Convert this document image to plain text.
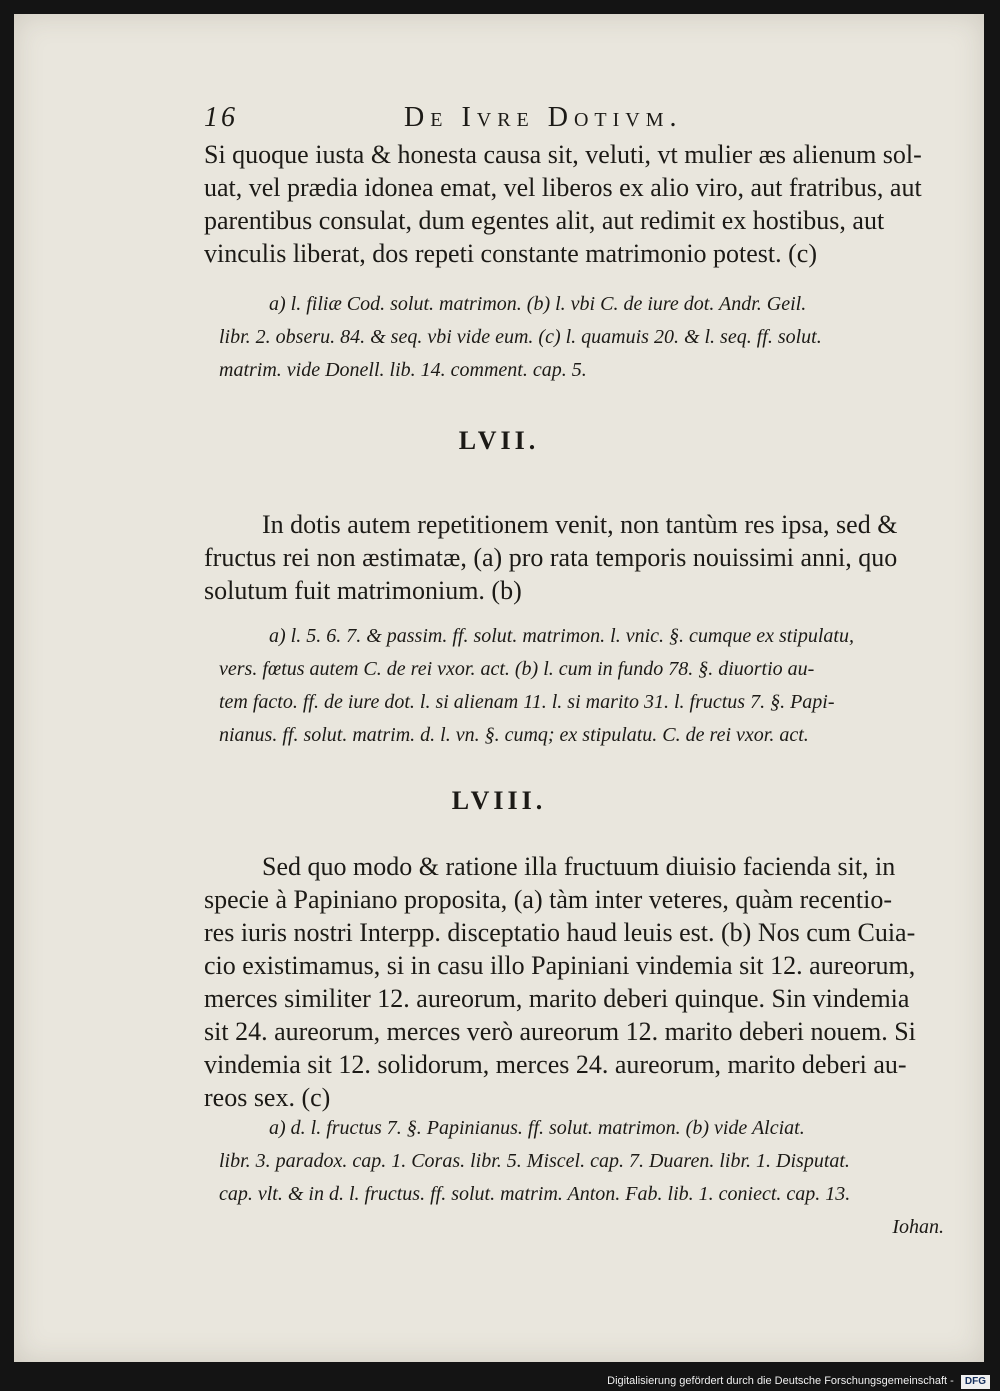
16	De Ivre Dotivm.

Si quoque iusta & honesta causa sit, veluti, vt mulier æs alienum sol-

uat, vel prædia idonea emat, vel liberos ex alio viro, aut fratribus, aut

parentibus consulat, dum egentes alit, aut redimit ex hostibus, aut

vinculis liberat, dos repeti constante matrimonio potest. (c)

a) l. filiæ Cod. solut. matrimon. (b) l. vbi C. de iure dot. Andr. Geil.

libr. 2. obseru. 84. & seq. vbi vide eum. (c) l. quamuis 20. & l. seq. ff. solut.

matrim. vide Donell. lib. 14. comment. cap. 5.

LVII.

In dotis autem repetitionem venit, non tantùm res ipsa, sed &

fructus rei non æstimatæ, (a) pro rata temporis nouissimi anni, quo

solutum fuit matrimonium. (b)

a) l. 5. 6. 7. & passim. ff. solut. matrimon. l. vnic. §. cumque ex stipulatu,

vers. fœtus autem C. de rei vxor. act. (b) l. cum in fundo 78. §. diuortio au-

tem facto. ff. de iure dot. l. si alienam 11. l. si marito 31. l. fructus 7. §. Papi-

nianus. ff. solut. matrim. d. l. vn. §. cumq; ex stipulatu. C. de rei vxor. act.

LVIII.

Sed quo modo & ratione illa fructuum diuisio facienda sit, in

specie à Papiniano proposita, (a) tàm inter veteres, quàm recentio-

res iuris nostri Interpp. disceptatio haud leuis est. (b) Nos cum Cuia-

cio existimamus, si in casu illo Papiniani vindemia sit 12. aureorum,

merces similiter 12. aureorum, marito deberi quinque. Sin vindemia

sit 24. aureorum, merces verò aureorum 12. marito deberi nouem. Si

vindemia sit 12. solidorum, merces 24. aureorum, marito deberi au-

reos sex. (c)

a) d. l. fructus 7. §. Papinianus. ff. solut. matrimon. (b) vide Alciat.

libr. 3. paradox. cap. 1. Coras. libr. 5. Miscel. cap. 7. Duaren. libr. 1. Disputat.

cap. vlt. & in d. l. fructus. ff. solut. matrim. Anton. Fab. lib. 1. coniect. cap. 13.

Iohan.

Digitalisierung gefördert durch die Deutsche Forschungsgemeinschaft - DFG
